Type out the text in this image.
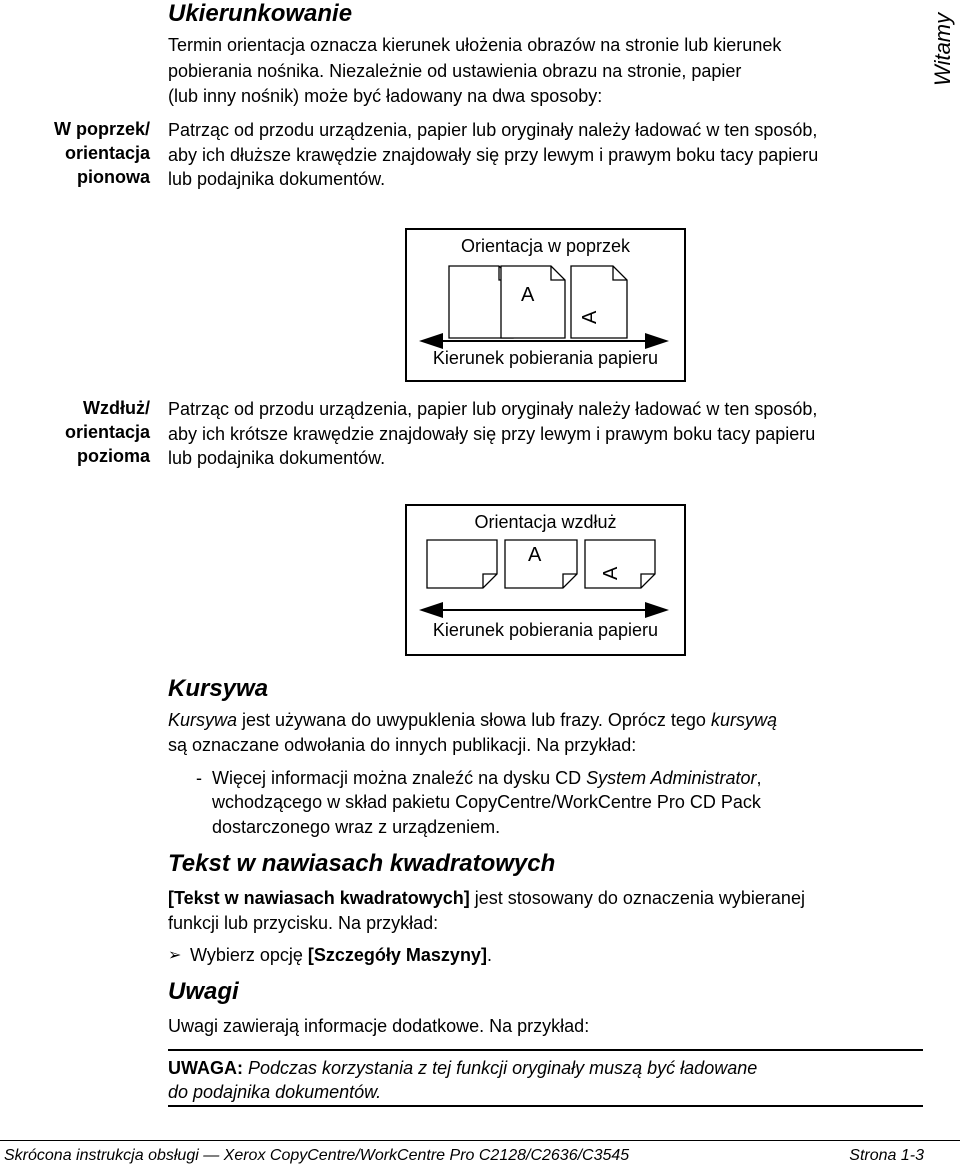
Witamy
Ukierunkowanie
Termin orientacja oznacza kierunek ułożenia obrazów na stronie lub kierunek
pobierania nośnika. Niezależnie od ustawienia obrazu na stronie, papier
(lub inny nośnik) może być ładowany na dwa sposoby:
W poprzek/
orientacja
pionowa
Patrząc od przodu urządzenia, papier lub oryginały należy ładować w ten sposób,
aby ich dłuższe krawędzie znajdowały się przy lewym i prawym boku tacy papieru
lub podajnika dokumentów.
Orientacja w poprzek
A
A
Kierunek pobierania papieru
Wzdłuż/
orientacja
pozioma
Patrząc od przodu urządzenia, papier lub oryginały należy ładować w ten sposób,
aby ich krótsze krawędzie znajdowały się przy lewym i prawym boku tacy papieru
lub podajnika dokumentów.
Orientacja wzdłuż
A
A
Kierunek pobierania papieru
Kursywa
Kursywa jest używana do uwypuklenia słowa lub frazy. Oprócz tego kursywą
są oznaczane odwołania do innych publikacji. Na przykład:
- Więcej informacji można znaleźć na dysku CD System Administrator,
wchodzącego w skład pakietu CopyCentre/WorkCentre Pro CD Pack
dostarczonego wraz z urządzeniem.
Tekst w nawiasach kwadratowych
[Tekst w nawiasach kwadratowych] jest stosowany do oznaczenia wybieranej
funkcji lub przycisku. Na przykład:
➢ Wybierz opcję [Szczegóły Maszyny].
Uwagi
Uwagi zawierają informacje dodatkowe. Na przykład:
UWAGA: Podczas korzystania z tej funkcji oryginały muszą być ładowane
do podajnika dokumentów.
Skrócona instrukcja obsługi — Xerox CopyCentre/WorkCentre Pro C2128/C2636/C3545	Strona 1-3
